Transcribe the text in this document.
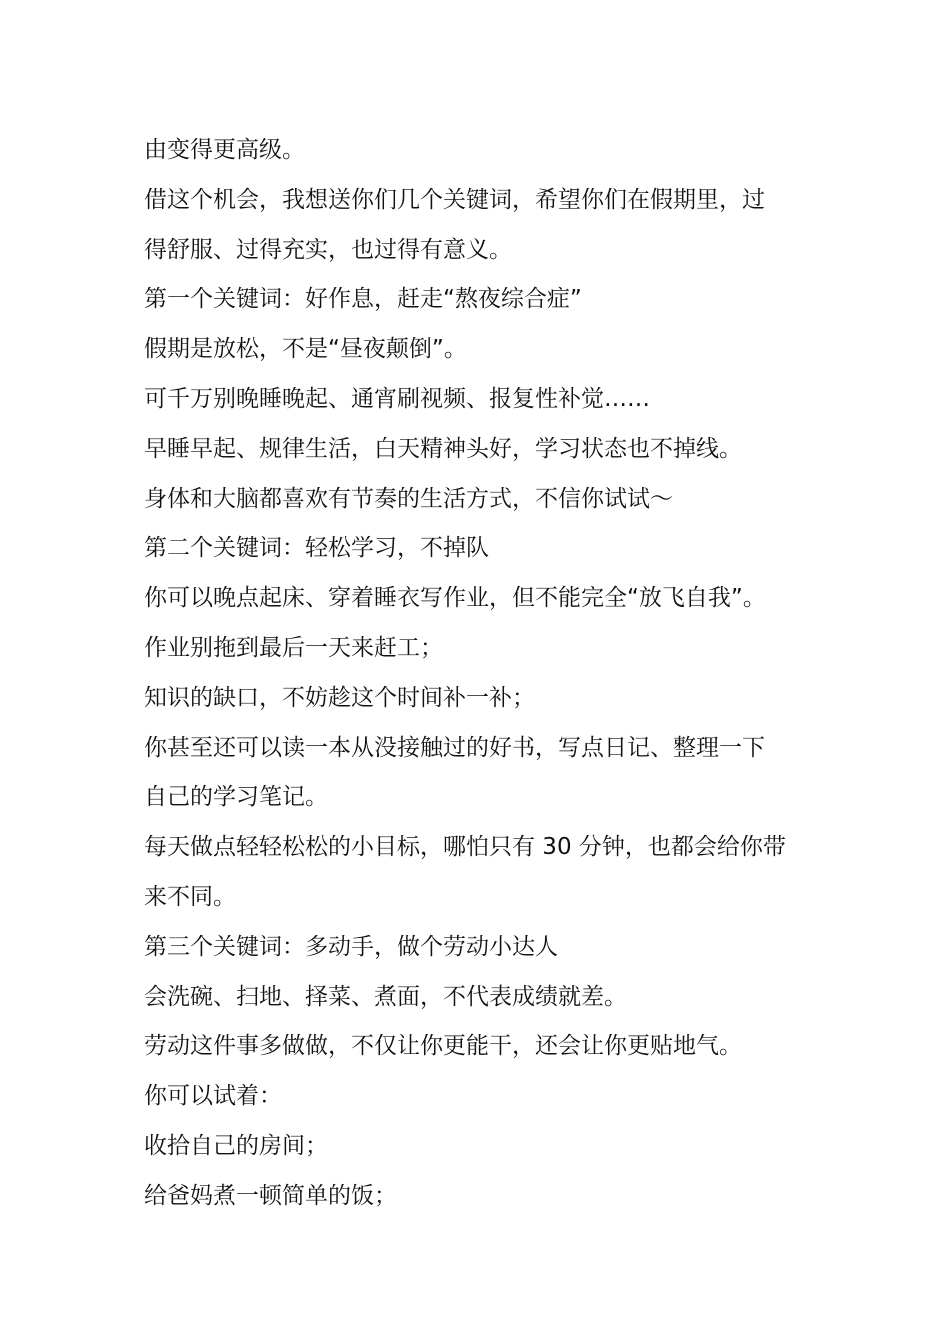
由变得更高级。

借这个机会，我想送你们几个关键词，希望你们在假期里，过

得舒服、过得充实，也过得有意义。

第一个关键词：好作息，赶走“熬夜综合症”

假期是放松，不是“昼夜颠倒”。

可千万别晚睡晚起、通宵刷视频、报复性补觉……

早睡早起、规律生活，白天精神头好，学习状态也不掉线。

身体和大脑都喜欢有节奏的生活方式，不信你试试～

第二个关键词：轻松学习，不掉队

你可以晚点起床、穿着睡衣写作业，但不能完全“放飞自我”。

作业别拖到最后一天来赶工；

知识的缺口，不妨趁这个时间补一补；

你甚至还可以读一本从没接触过的好书，写点日记、整理一下

自己的学习笔记。

每天做点轻轻松松的小目标，哪怕只有 30 分钟，也都会给你带

来不同。

第三个关键词：多动手，做个劳动小达人

会洗碗、扫地、择菜、煮面，不代表成绩就差。

劳动这件事多做做，不仅让你更能干，还会让你更贴地气。

你可以试着：

收拾自己的房间；

给爸妈煮一顿简单的饭；
